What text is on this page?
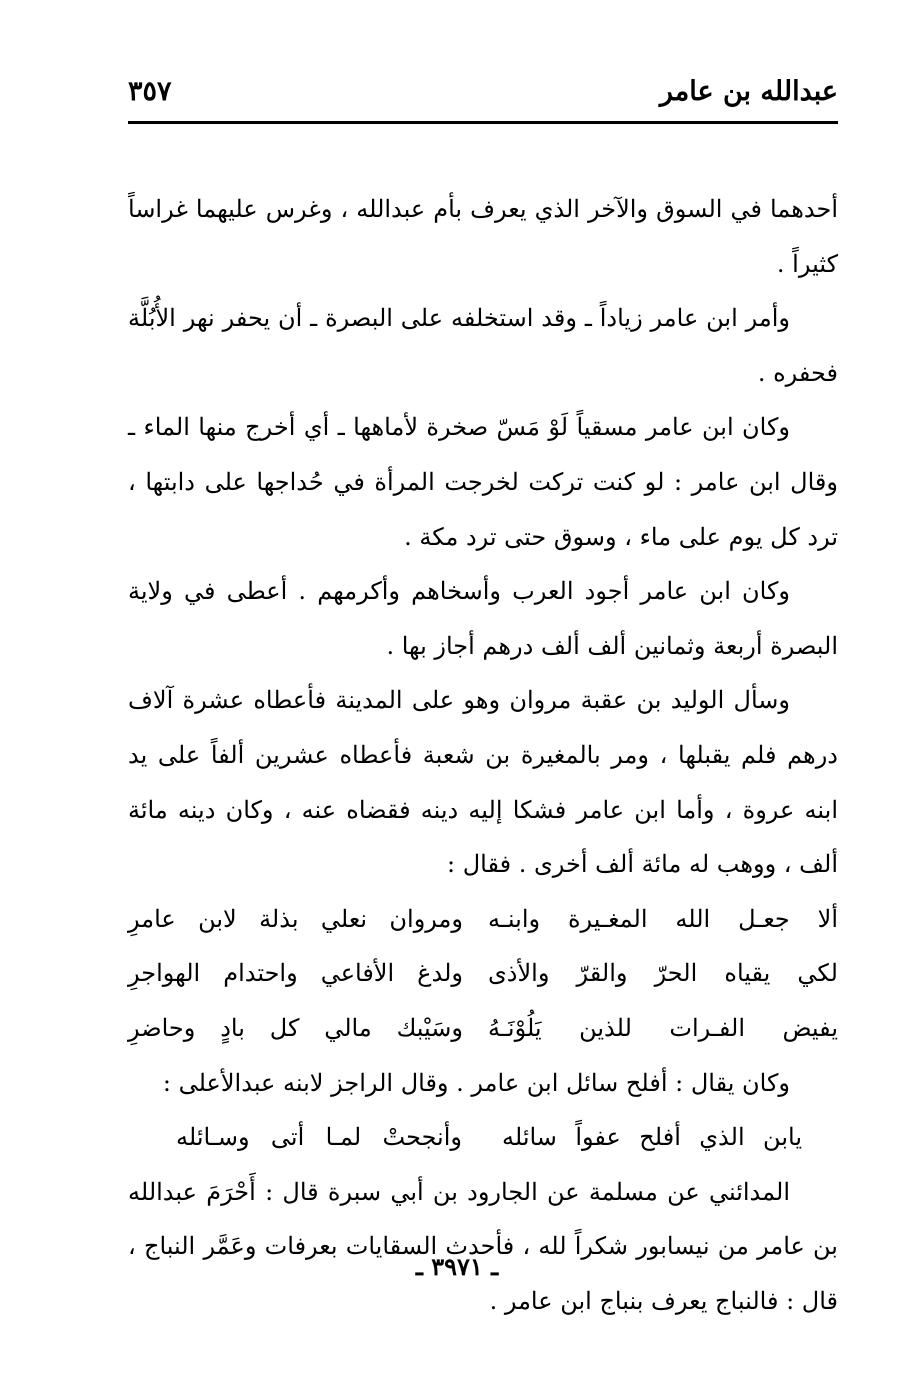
عبدالله بن عامر
٣٥٧

أحدهما في السوق والآخر الذي يعرف بأم عبدالله ، وغرس عليهما غراساً كثيراً .

وأمر ابن عامر زياداً ـ وقد استخلفه على البصرة ـ أن يحفر نهر الأُبُلَّة فحفره .

وكان ابن عامر مسقياً لَوْ مَسّ صخرة لأماهها ـ أي أخرج منها الماء ـ وقال ابن عامر : لو كنت تركت لخرجت المرأة في حُداجها على دابتها ، ترد كل يوم على ماء ، وسوق حتى ترد مكة .

وكان ابن عامر أجود العرب وأسخاهم وأكرمهم . أعطى في ولاية البصرة أربعة وثمانين ألف ألف درهم أجاز بها .

وسأل الوليد بن عقبة مروان وهو على المدينة فأعطاه عشرة آلاف درهم فلم يقبلها ، ومر بالمغيرة بن شعبة فأعطاه عشرين ألفاً على يد ابنه عروة ، وأما ابن عامر فشكا إليه دينه فقضاه عنه ، وكان دينه مائة ألف ، ووهب له مائة ألف أخرى . فقال :

ألا جعـل الله المغـيرة وابنـه
ومروان نعلي بذلة لابن عامرِ
لكي يقياه الحرّ والقرّ والأذى
ولدغ الأفاعي واحتدام الهواجرِ
يفيض الفـرات للذين يَلُوْنَـهُ
وسَيْبك مالي كل بادٍ وحاضرِ

وكان يقال : أفلح سائل ابن عامر . وقال الراجز لابنه عبدالأعلى :

يابن الذي أفلح عفواً سائله
وأنجحتْ لمـا أتى وسـائله

المدائني عن مسلمة عن الجارود بن أبي سبرة قال : أَحْرَمَ عبدالله بن عامر من نيسابور شكراً لله ، فأحدث السقايات بعرفات وعَمَّر النباج ، قال : فالنباج يعرف بنباج ابن عامر .

ـ ٣٩٧١ ـ
